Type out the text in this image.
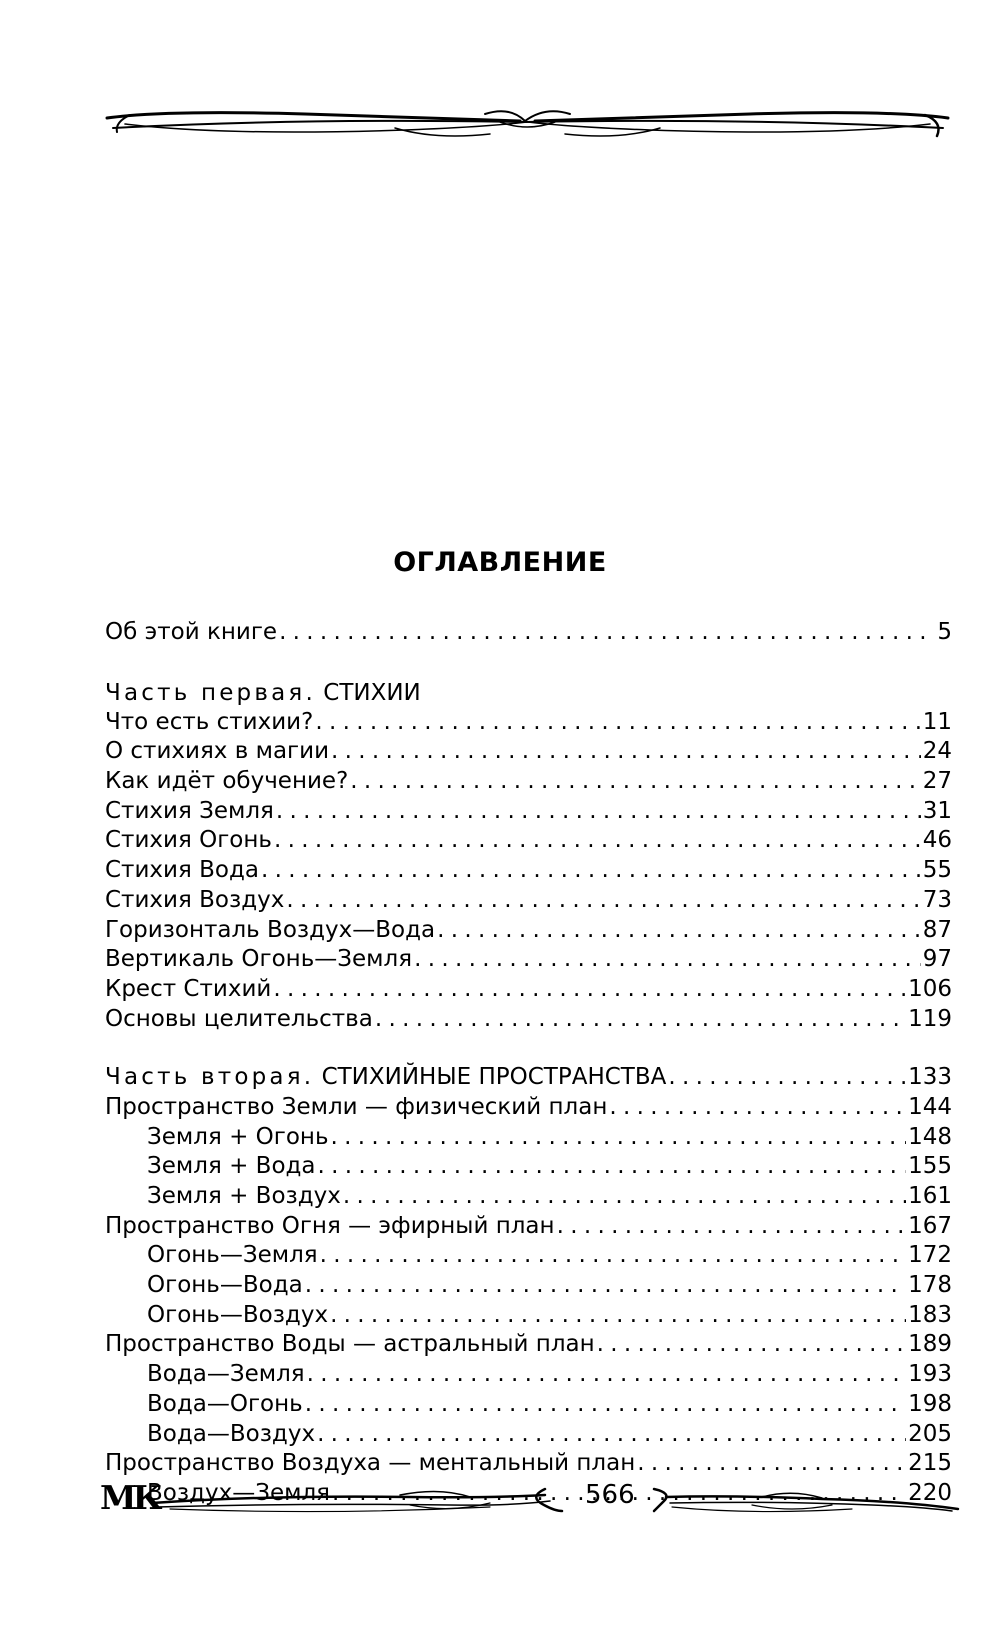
ОГЛАВЛЕНИЕ
Об этой книге . . .	5
Часть первая. СТИХИИ
Что есть стихии? . . .	11
О стихиях в магии . . .	24
Как идёт обучение? . . .	27
Стихия Земля . . .	31
Стихия Огонь . . .	46
Стихия Вода . . .	55
Стихия Воздух . . .	73
Горизонталь Воздух—Вода . . .	87
Вертикаль Огонь—Земля . . .	97
Крест Стихий . . .	106
Основы целительства . . .	119
Часть вторая. СТИХИЙНЫЕ ПРОСТРАНСТВА . . .	133
Пространство Земли — физический план . . .	144
Земля + Огонь . . .	148
Земля + Вода . . .	155
Земля + Воздух . . .	161
Пространство Огня — эфирный план . . .	167
Огонь—Земля . . .	172
Огонь—Вода . . .	178
Огонь—Воздух . . .	183
Пространство Воды — астральный план . . .	189
Вода—Земля . . .	193
Вода—Огонь . . .	198
Вода—Воздух . . .	205
Пространство Воздуха — ментальный план . . .	215
Воздух—Земля . . .	220
МК	566
